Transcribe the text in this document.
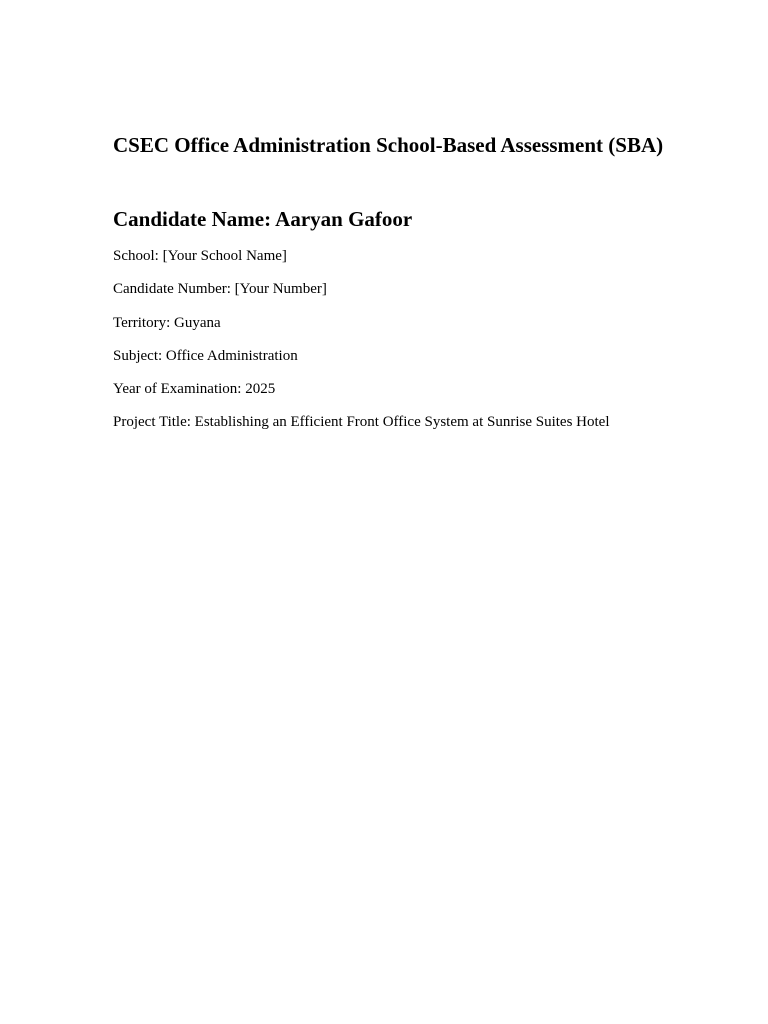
CSEC Office Administration School-Based Assessment (SBA)
Candidate Name: Aaryan Gafoor

School: [Your School Name]

Candidate Number: [Your Number]

Territory: Guyana

Subject: Office Administration

Year of Examination: 2025

Project Title: Establishing an Efficient Front Office System at Sunrise Suites Hotel
